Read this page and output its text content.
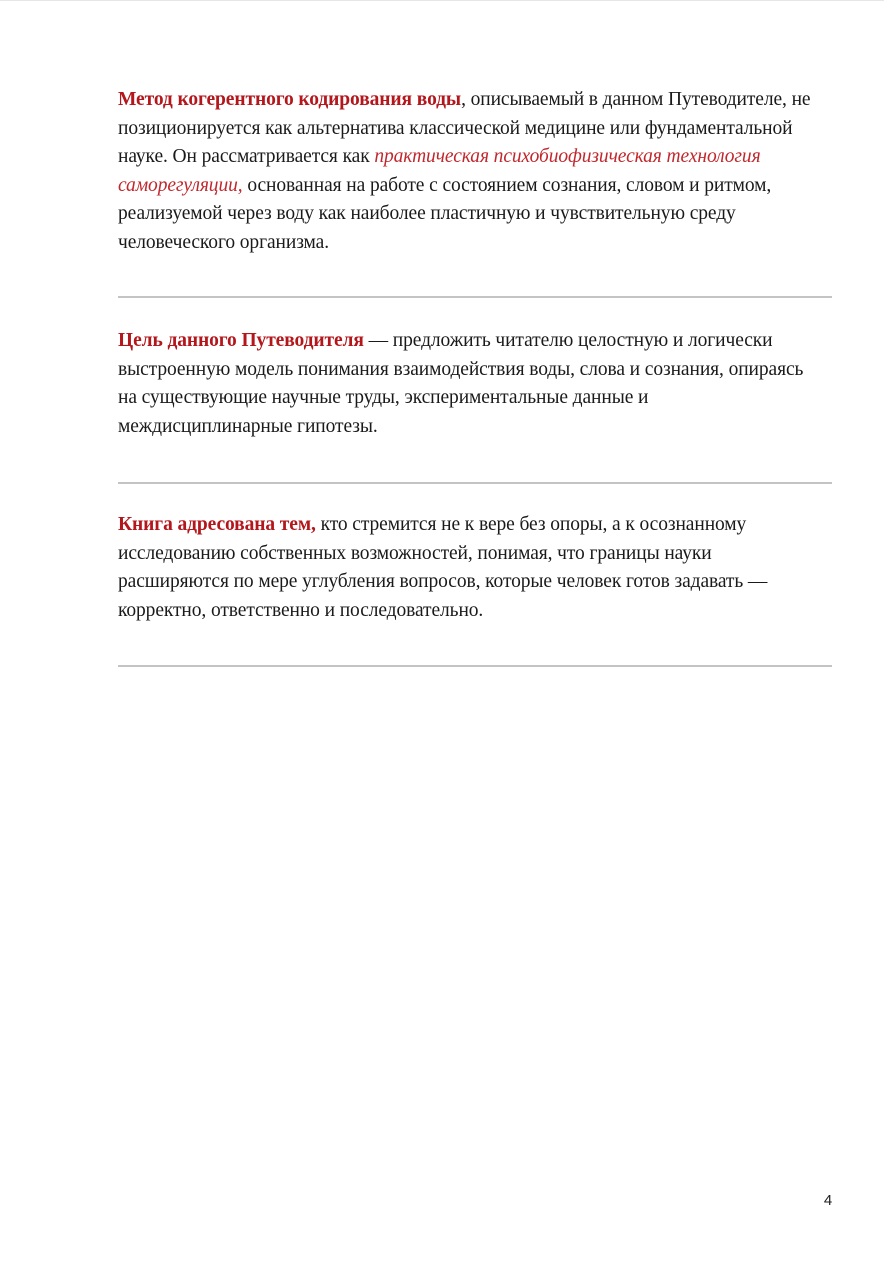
Метод когерентного кодирования воды, описываемый в данном Путеводителе, не позиционируется как альтернатива классической медицине или фундаментальной науке. Он рассматривается как практическая психобиофизическая технология саморегуляции, основанная на работе с состоянием сознания, словом и ритмом, реализуемой через воду как наиболее пластичную и чувствительную среду человеческого организма.

Цель данного Путеводителя — предложить читателю целостную и логически выстроенную модель понимания взаимодействия воды, слова и сознания, опираясь на существующие научные труды, экспериментальные данные и междисциплинарные гипотезы.

Книга адресована тем, кто стремится не к вере без опоры, а к осознанному исследованию собственных возможностей, понимая, что границы науки расширяются по мере углубления вопросов, которые человек готов задавать — корректно, ответственно и последовательно.

4
